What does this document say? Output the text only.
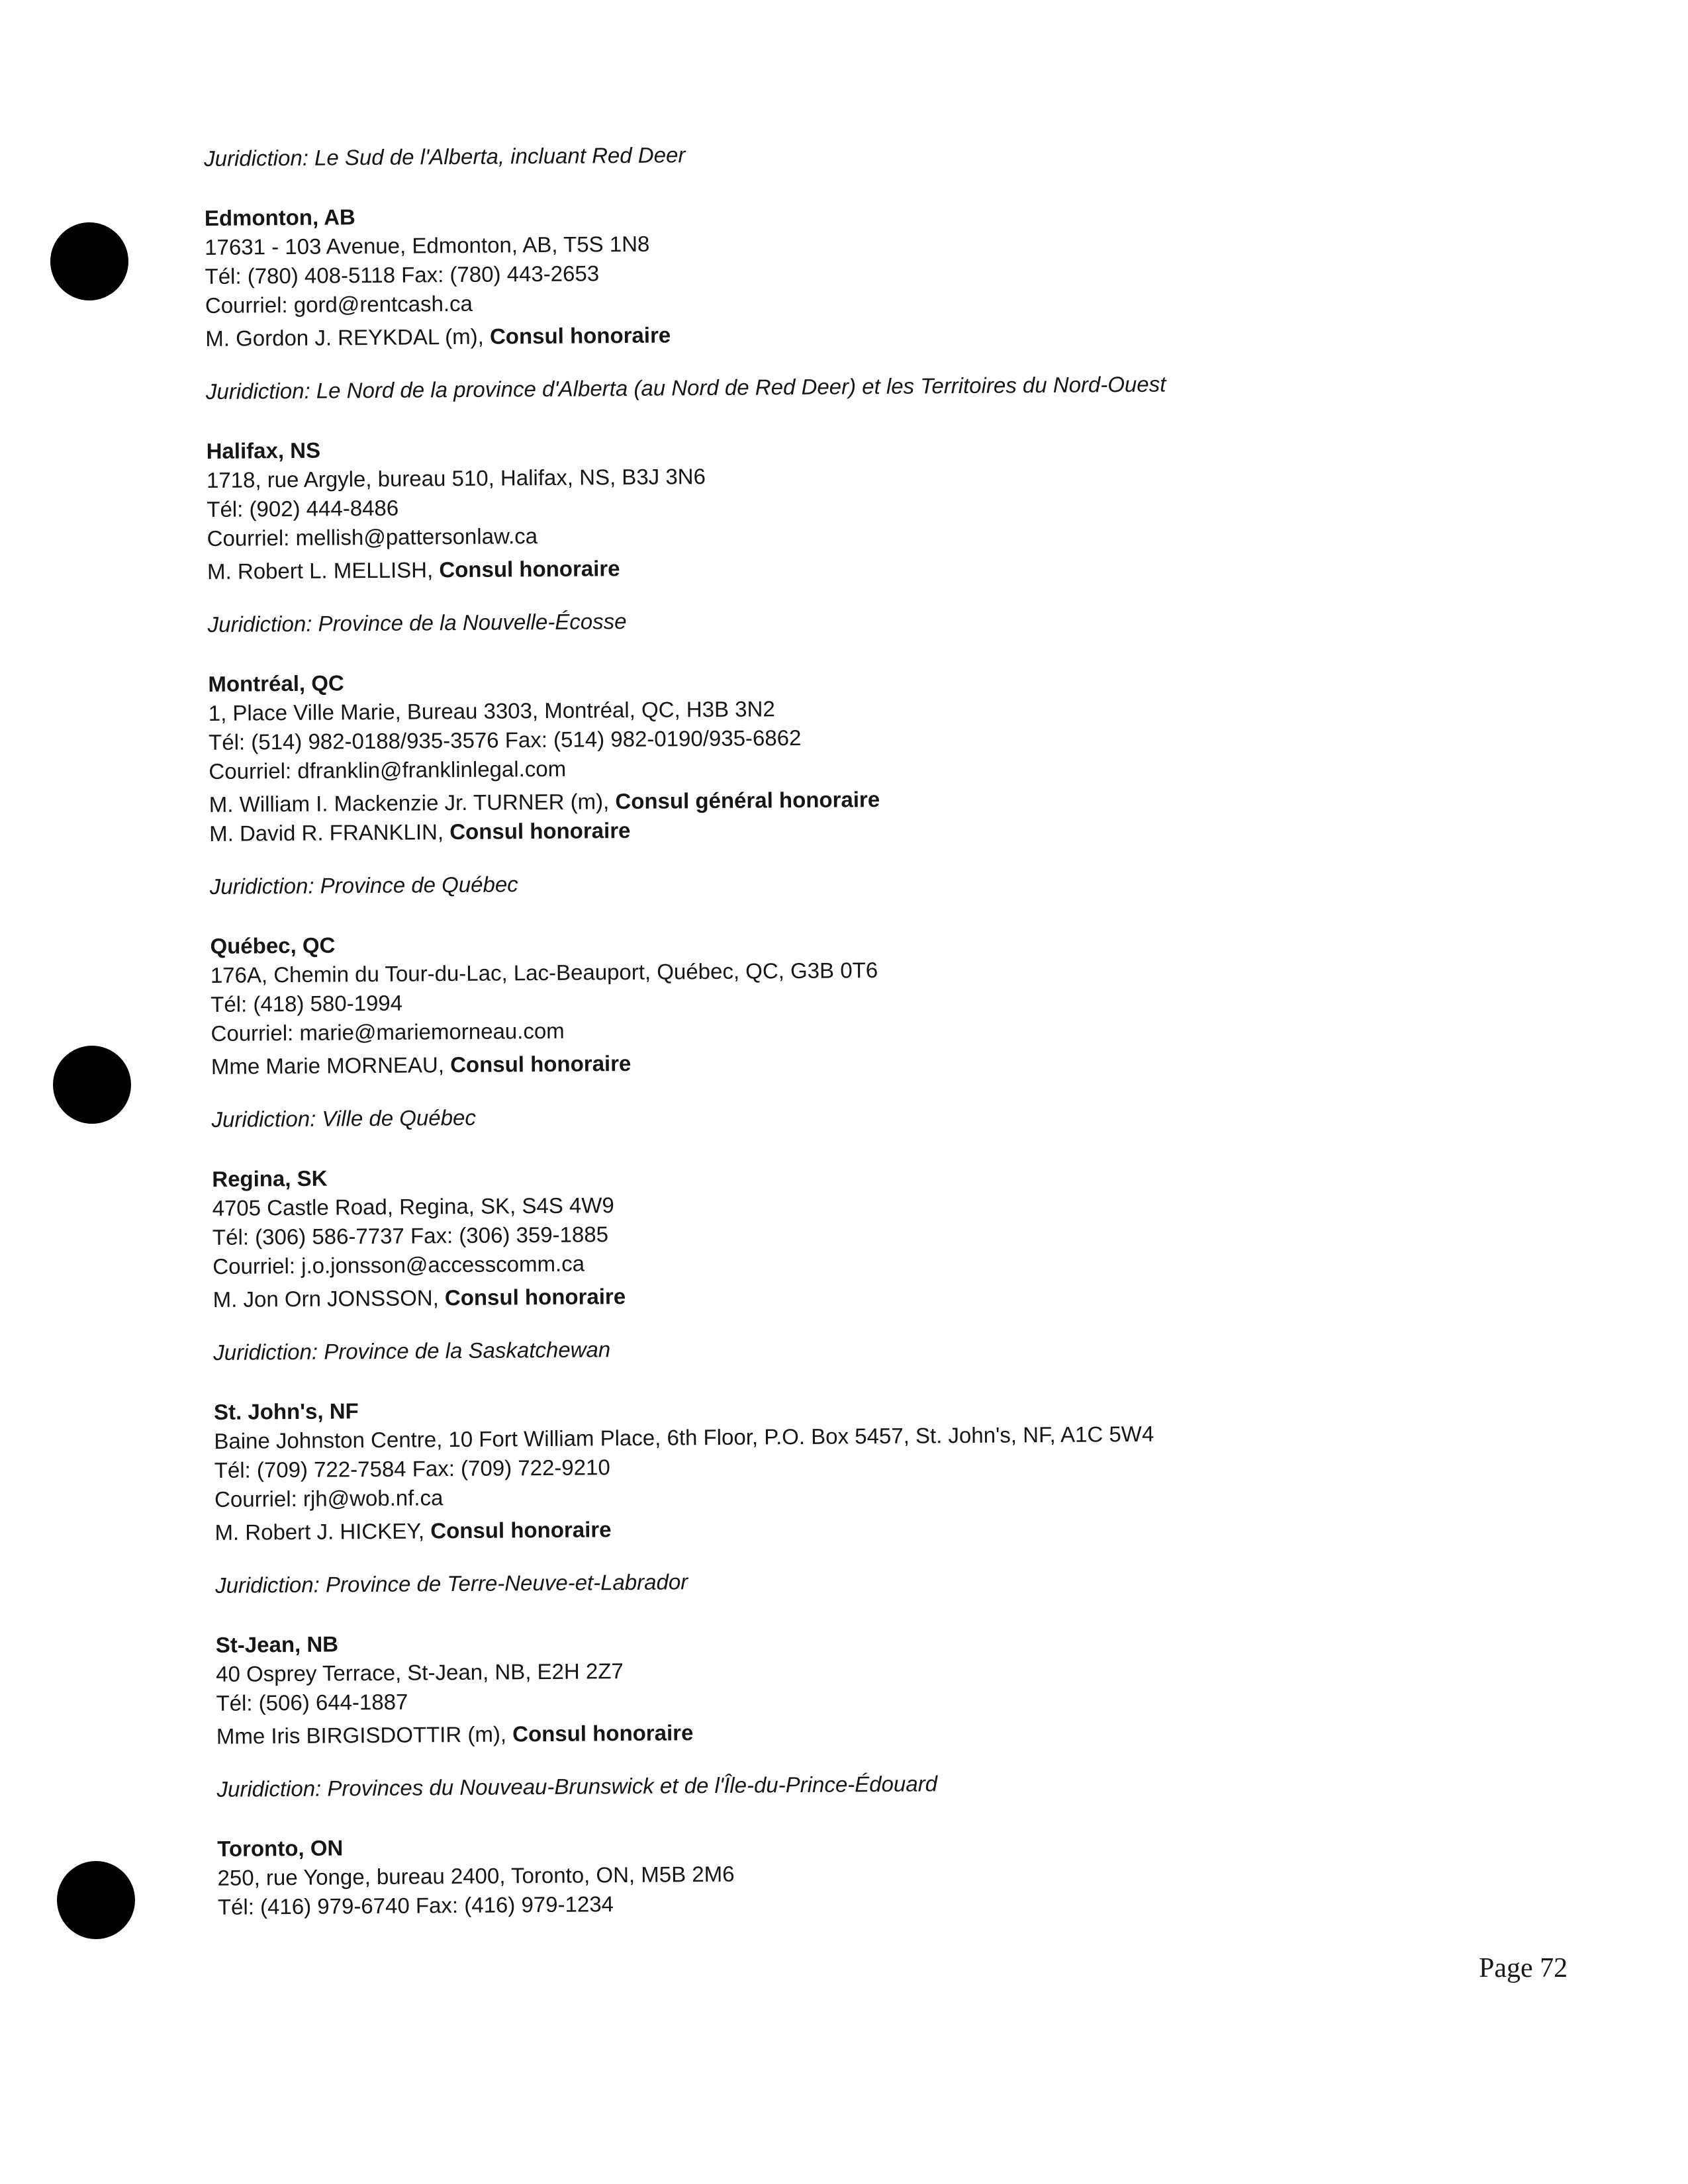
Juridiction: Le Sud de l'Alberta, incluant Red Deer
Edmonton, AB
17631 - 103 Avenue, Edmonton, AB, T5S 1N8
Tél: (780) 408-5118 Fax: (780) 443-2653
Courriel: gord@rentcash.ca
M. Gordon J. REYKDAL (m), Consul honoraire
Juridiction: Le Nord de la province d'Alberta (au Nord de Red Deer) et les Territoires du Nord-Ouest
Halifax, NS
1718, rue Argyle, bureau 510, Halifax, NS, B3J 3N6
Tél: (902) 444-8486
Courriel: mellish@pattersonlaw.ca
M. Robert L. MELLISH, Consul honoraire
Juridiction: Province de la Nouvelle-Écosse
Montréal, QC
1, Place Ville Marie, Bureau 3303, Montréal, QC, H3B 3N2
Tél: (514) 982-0188/935-3576 Fax: (514) 982-0190/935-6862
Courriel: dfranklin@franklinlegal.com
M. William I. Mackenzie Jr. TURNER (m), Consul général honoraire
M. David R. FRANKLIN, Consul honoraire
Juridiction: Province de Québec
Québec, QC
176A, Chemin du Tour-du-Lac, Lac-Beauport, Québec, QC, G3B 0T6
Tél: (418) 580-1994
Courriel: marie@mariemorneau.com
Mme Marie MORNEAU, Consul honoraire
Juridiction: Ville de Québec
Regina, SK
4705 Castle Road, Regina, SK, S4S 4W9
Tél: (306) 586-7737 Fax: (306) 359-1885
Courriel: j.o.jonsson@accesscomm.ca
M. Jon Orn JONSSON, Consul honoraire
Juridiction: Province de la Saskatchewan
St. John's, NF
Baine Johnston Centre, 10 Fort William Place, 6th Floor, P.O. Box 5457, St. John's, NF, A1C 5W4
Tél: (709) 722-7584 Fax: (709) 722-9210
Courriel: rjh@wob.nf.ca
M. Robert J. HICKEY, Consul honoraire
Juridiction: Province de Terre-Neuve-et-Labrador
St-Jean, NB
40 Osprey Terrace, St-Jean, NB, E2H 2Z7
Tél: (506) 644-1887
Mme Iris BIRGISDOTTIR (m), Consul honoraire
Juridiction: Provinces du Nouveau-Brunswick et de l'Île-du-Prince-Édouard
Toronto, ON
250, rue Yonge, bureau 2400, Toronto, ON, M5B 2M6
Tél: (416) 979-6740 Fax: (416) 979-1234
Page 72
